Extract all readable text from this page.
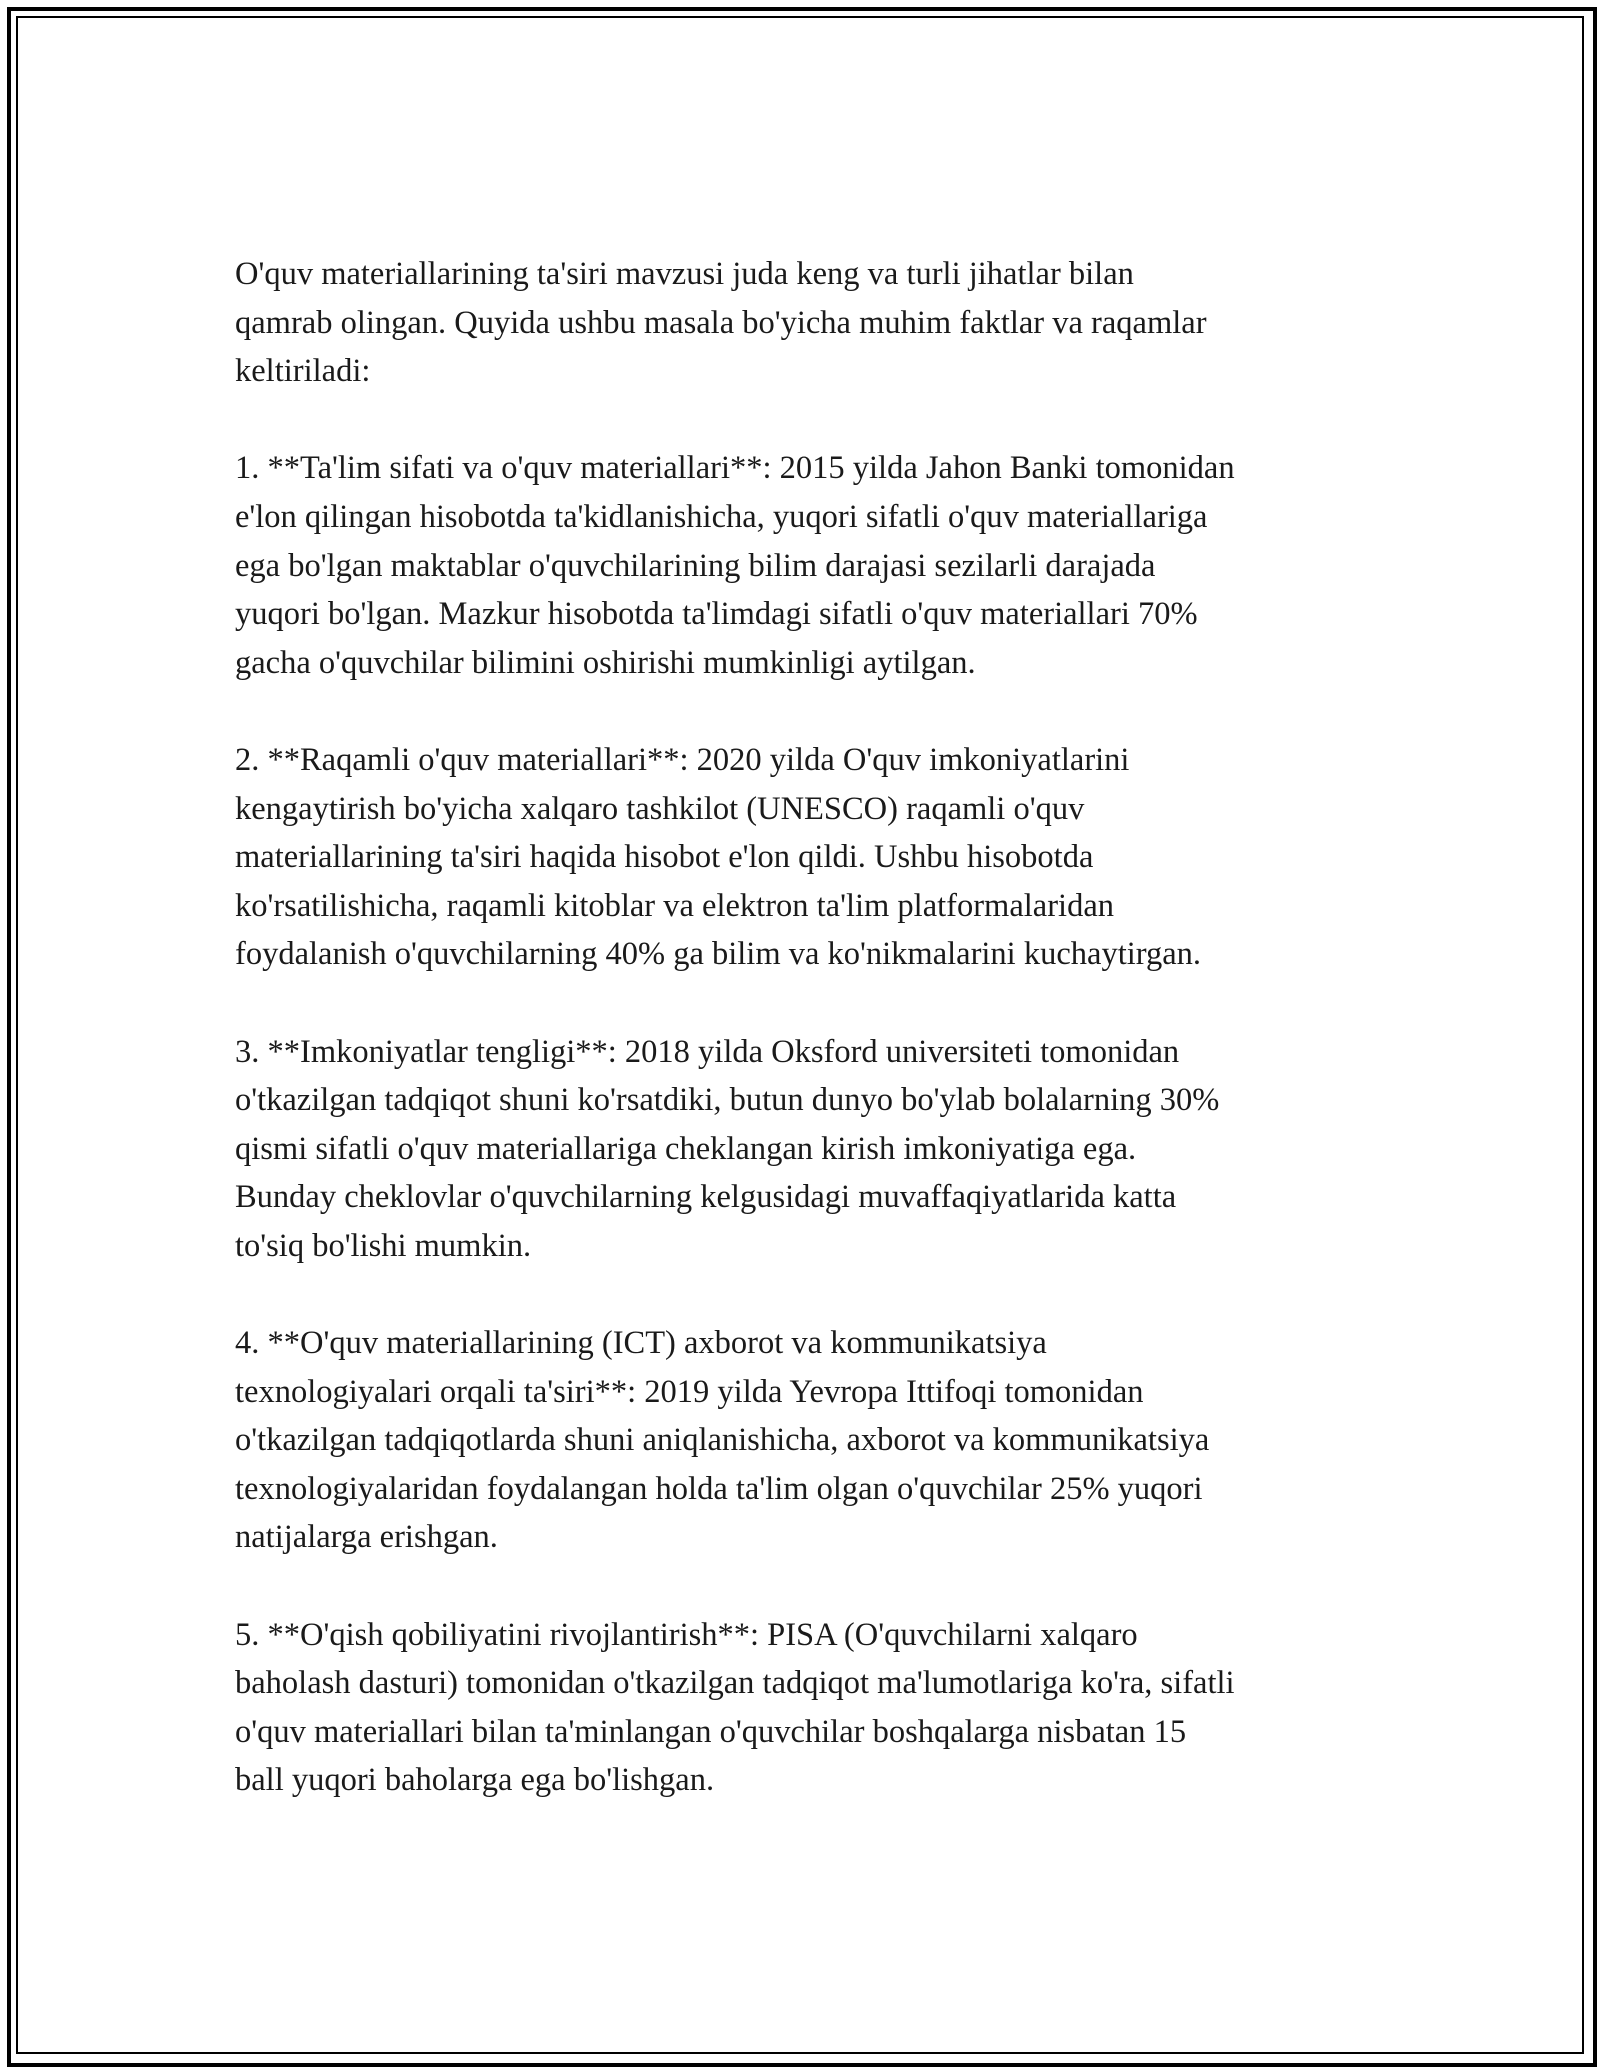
O'quv materiallarining ta'siri mavzusi juda keng va turli jihatlar bilan
qamrab olingan. Quyida ushbu masala bo'yicha muhim faktlar va raqamlar
keltiriladi:

1. **Ta'lim sifati va o'quv materiallari**: 2015 yilda Jahon Banki tomonidan
e'lon qilingan hisobotda ta'kidlanishicha, yuqori sifatli o'quv materiallariga
ega bo'lgan maktablar o'quvchilarining bilim darajasi sezilarli darajada
yuqori bo'lgan. Mazkur hisobotda ta'limdagi sifatli o'quv materiallari 70%
gacha o'quvchilar bilimini oshirishi mumkinligi aytilgan.

2. **Raqamli o'quv materiallari**: 2020 yilda O'quv imkoniyatlarini
kengaytirish bo'yicha xalqaro tashkilot (UNESCO) raqamli o'quv
materiallarining ta'siri haqida hisobot e'lon qildi. Ushbu hisobotda
ko'rsatilishicha, raqamli kitoblar va elektron ta'lim platformalaridan
foydalanish o'quvchilarning 40% ga bilim va ko'nikmalarini kuchaytirgan.

3. **Imkoniyatlar tengligi**: 2018 yilda Oksford universiteti tomonidan
o'tkazilgan tadqiqot shuni ko'rsatdiki, butun dunyo bo'ylab bolalarning 30%
qismi sifatli o'quv materiallariga cheklangan kirish imkoniyatiga ega.
Bunday cheklovlar o'quvchilarning kelgusidagi muvaffaqiyatlarida katta
to'siq bo'lishi mumkin.

4. **O'quv materiallarining (ICT) axborot va kommunikatsiya
texnologiyalari orqali ta'siri**: 2019 yilda Yevropa Ittifoqi tomonidan
o'tkazilgan tadqiqotlarda shuni aniqlanishicha, axborot va kommunikatsiya
texnologiyalaridan foydalangan holda ta'lim olgan o'quvchilar 25% yuqori
natijalarga erishgan.

5. **O'qish qobiliyatini rivojlantirish**: PISA (O'quvchilarni xalqaro
baholash dasturi) tomonidan o'tkazilgan tadqiqot ma'lumotlariga ko'ra, sifatli
o'quv materiallari bilan ta'minlangan o'quvchilar boshqalarga nisbatan 15
ball yuqori baholarga ega bo'lishgan.
